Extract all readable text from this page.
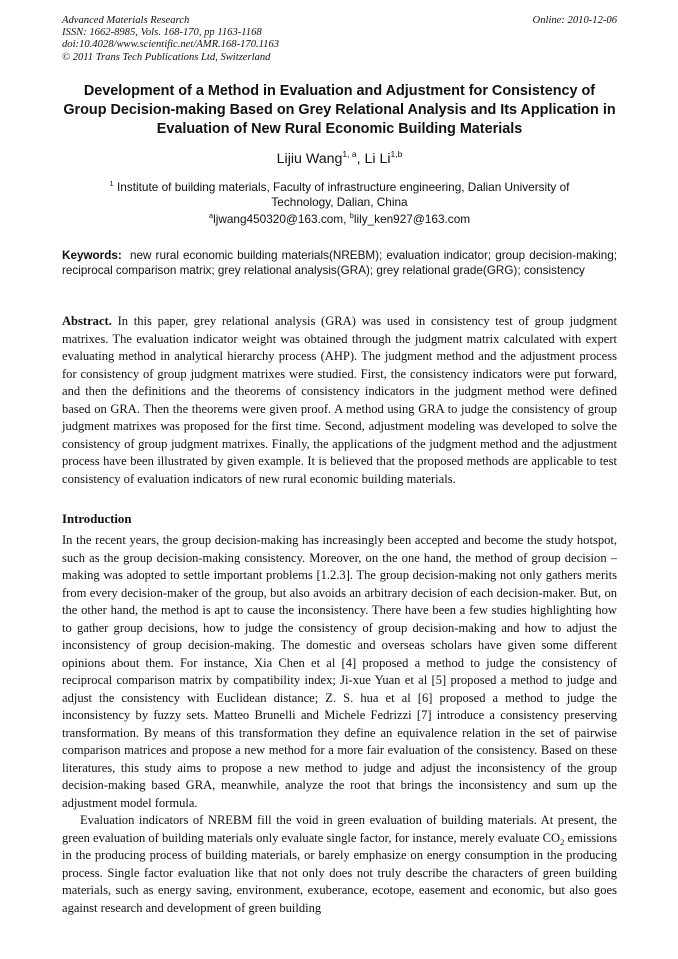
Advanced Materials Research
ISSN: 1662-8985, Vols. 168-170, pp 1163-1168
doi:10.4028/www.scientific.net/AMR.168-170.1163
© 2011 Trans Tech Publications Ltd, Switzerland
Online: 2010-12-06
Development of a Method in Evaluation and Adjustment for Consistency of Group Decision-making Based on Grey Relational Analysis and Its Application in Evaluation of New Rural Economic Building Materials
Lijiu Wang$^{1, a}$, Li Li$^{1,b}$
$^1$ Institute of building materials, Faculty of infrastructure engineering, Dalian University of Technology, Dalian, China
$^a$ljwang450320@163.com, $^b$lily_ken927@163.com
Keywords: new rural economic building materials(NREBM); evaluation indicator; group decision-making; reciprocal comparison matrix; grey relational analysis(GRA); grey relational grade(GRG); consistency
Abstract. In this paper, grey relational analysis (GRA) was used in consistency test of group judgment matrixes. The evaluation indicator weight was obtained through the judgment matrix calculated with expert evaluating method in analytical hierarchy process (AHP). The judgment method and the adjustment process for consistency of group judgment matrixes were studied. First, the consistency indicators were put forward, and then the definitions and the theorems of consistency indicators in the judgment method were defined based on GRA. Then the theorems were given proof. A method using GRA to judge the consistency of group judgment matrixes was proposed for the first time. Second, adjustment modeling was developed to solve the consistency of group judgment matrixes. Finally, the applications of the judgment method and the adjustment process have been illustrated by given example. It is believed that the proposed methods are applicable to test consistency of evaluation indicators of new rural economic building materials.
Introduction

In the recent years, the group decision-making has increasingly been accepted and become the study hotspot, such as the group decision-making consistency. Moreover, on the one hand, the method of group decision –making was adopted to settle important problems [1.2.3]. The group decision-making not only gathers merits from every decision-maker of the group, but also avoids an arbitrary decision of each decision-maker. But, on the other hand, the method is apt to cause the inconsistency. There have been a few studies highlighting how to gather group decisions, how to judge the consistency of group decision-making and how to adjust the inconsistency of group decision-making. The domestic and overseas scholars have given some different opinions about them. For instance, Xia Chen et al [4] proposed a method to judge the consistency of reciprocal comparison matrix by compatibility index; Ji-xue Yuan et al [5] proposed a method to judge and adjust the consistency with Euclidean distance; Z. S. hua et al [6] proposed a method to judge the inconsistency by fuzzy sets. Matteo Brunelli and Michele Fedrizzi [7] introduce a consistency preserving transformation. By means of this transformation they define an equivalence relation in the set of pairwise comparison matrices and propose a new method for a more fair evaluation of the consistency. Based on these literatures, this study aims to propose a new method to judge and adjust the inconsistency of the group decision-making based GRA, meanwhile, analyze the root that brings the inconsistency and sum up the adjustment model formula.

Evaluation indicators of NREBM fill the void in green evaluation of building materials. At present, the green evaluation of building materials only evaluate single factor, for instance, merely evaluate $CO_2$ emissions in the producing process of building materials, or barely emphasize on energy consumption in the producing process. Single factor evaluation like that not only does not truly describe the characters of green building materials, such as energy saving, environment, exuberance, ecotope, easement and economic, but also goes against research and development of green building
